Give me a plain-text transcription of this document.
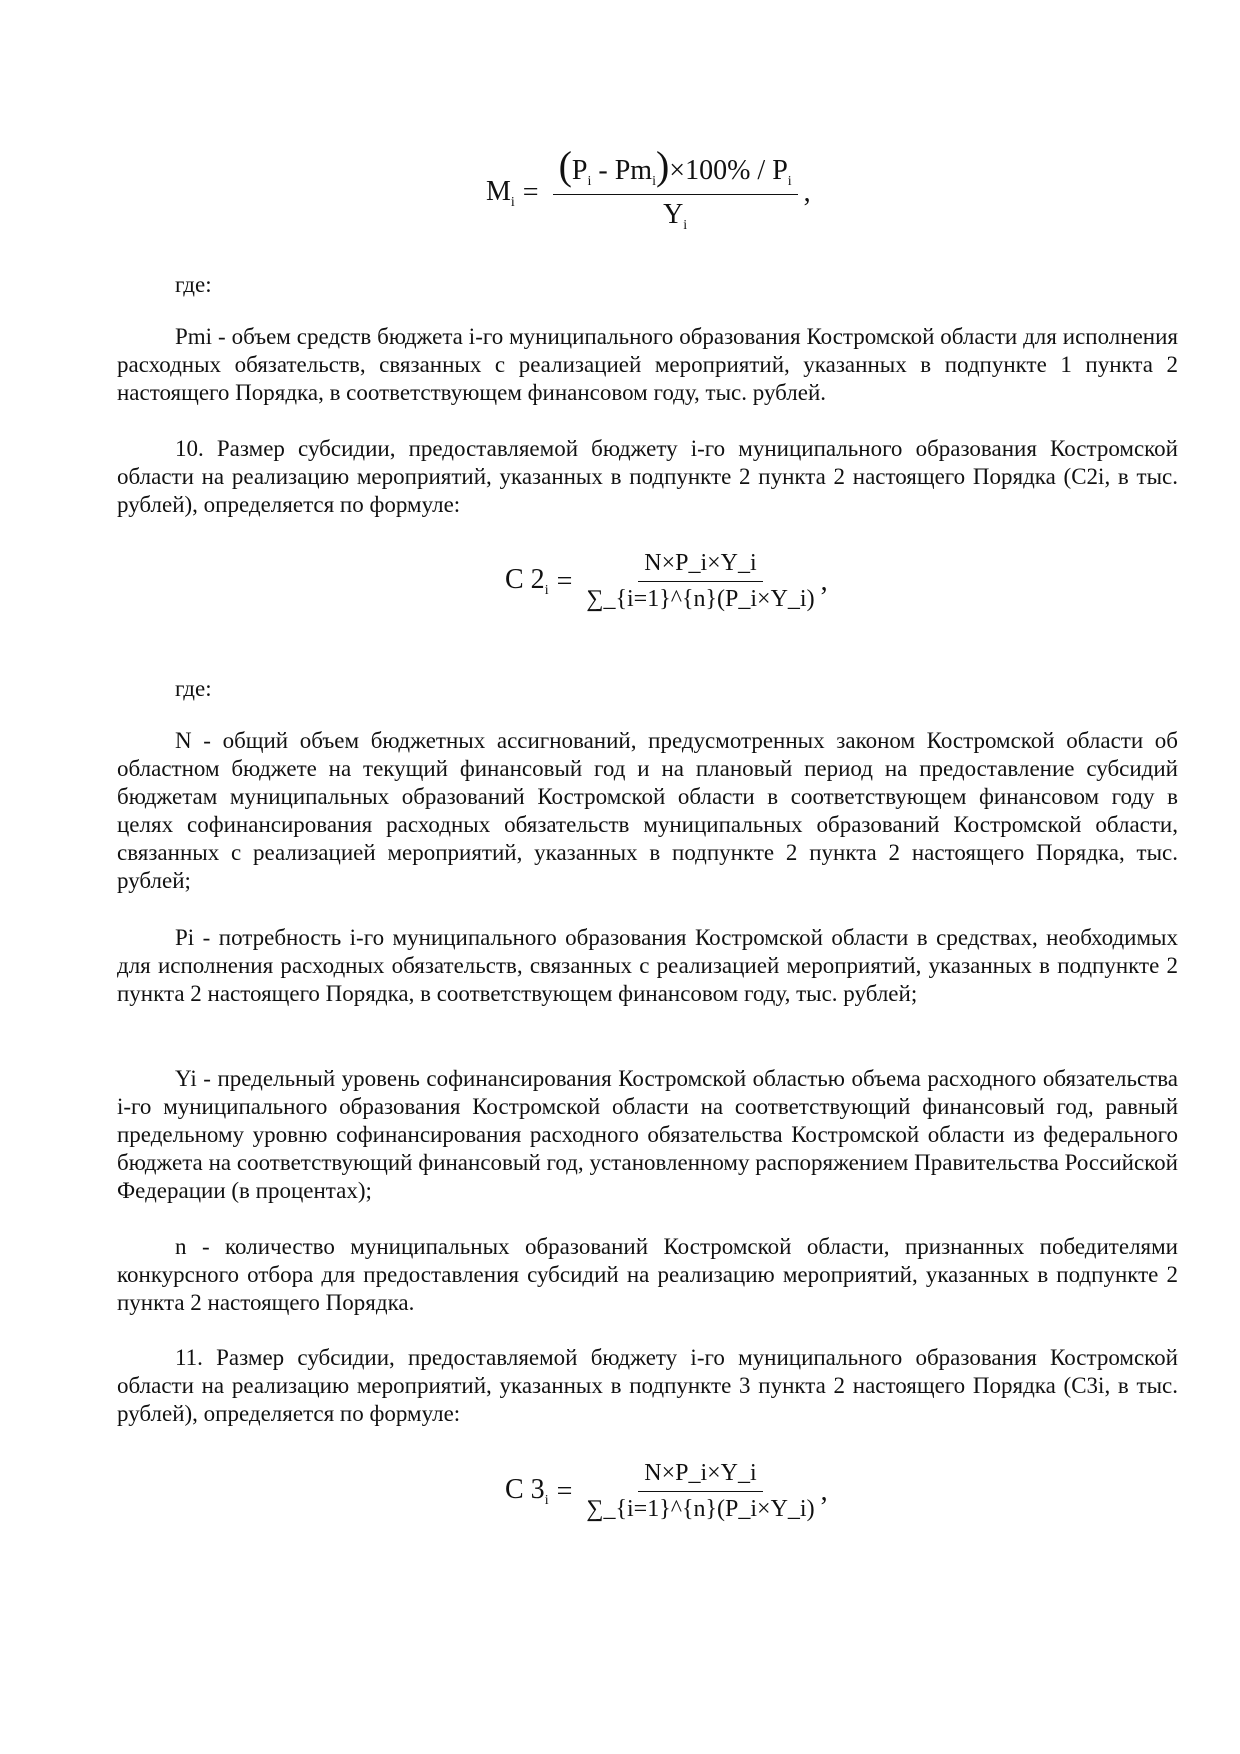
$M_i = \frac{(P_i - Pm_i)\times 100\% / P_i}{Y_i}$ ,
где:

Pmi - объем средств бюджета i-го муниципального образования Костромской области для исполнения расходных обязательств, связанных с реализацией мероприятий, указанных в подпункте 1 пункта 2 настоящего Порядка, в соответствующем финансовом году, тыс. рублей.

10. Размер субсидии, предоставляемой бюджету i-го муниципального образования Костромской области на реализацию мероприятий, указанных в подпункте 2 пункта 2 настоящего Порядка (C2i, в тыс. рублей), определяется по формуле:

C $2_i = \frac{N\times P\_i\times Y\_i}{\sum\_\{i=1\}\^{}\{n\}(P\_i\times Y\_i)}$ ,
где:

N - общий объем бюджетных ассигнований, предусмотренных законом Костромской области об областном бюджете на текущий финансовый год и на плановый период на предоставление субсидий бюджетам муниципальных образований Костромской области в соответствующем финансовом году в целях софинансирования расходных обязательств муниципальных образований Костромской области, связанных с реализацией мероприятий, указанных в подпункте 2 пункта 2 настоящего Порядка, тыс. рублей;

Pi - потребность i-го муниципального образования Костромской области в средствах, необходимых для исполнения расходных обязательств, связанных с реализацией мероприятий, указанных в подпункте 2 пункта 2 настоящего Порядка, в соответствующем финансовом году, тыс. рублей;

Yi - предельный уровень софинансирования Костромской областью объема расходного обязательства i-го муниципального образования Костромской области на соответствующий финансовый год, равный предельному уровню софинансирования расходного обязательства Костромской области из федерального бюджета на соответствующий финансовый год, установленному распоряжением Правительства Российской Федерации (в процентах);

n - количество муниципальных образований Костромской области, признанных победителями конкурсного отбора для предоставления субсидий на реализацию мероприятий, указанных в подпункте 2 пункта 2 настоящего Порядка.

11. Размер субсидии, предоставляемой бюджету i-го муниципального образования Костромской области на реализацию мероприятий, указанных в подпункте 3 пункта 2 настоящего Порядка (C3i, в тыс. рублей), определяется по формуле:

C $3_i = \frac{N\times P\_i\times Y\_i}{\sum\_\{i=1\}\^{}\{n\}(P\_i\times Y\_i)}$ ,
